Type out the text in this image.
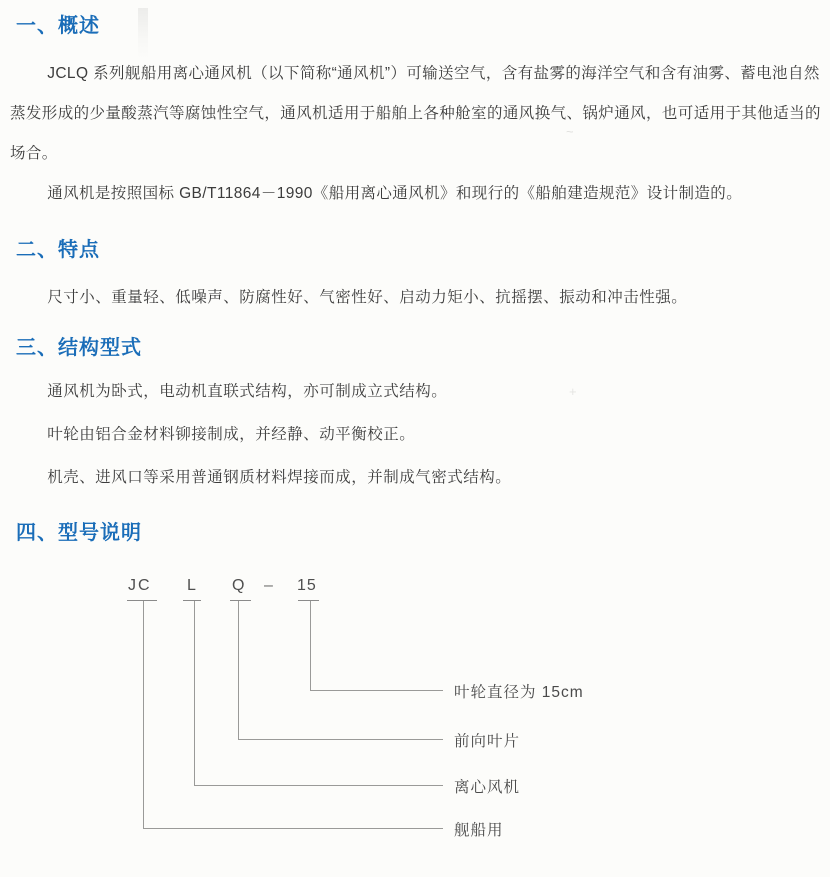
~
+
一、概述

JCLQ 系列舰船用离心通风机（以下简称“通风机”）可输送空气，含有盐雾的海洋空气和含有油雾、蓄电池自然蒸发形成的少量酸蒸汽等腐蚀性空气，通风机适用于船舶上各种舱室的通风换气、锅炉通风，也可适用于其他适当的场合。

通风机是按照国标 GB/T11864－1990《船用离心通风机》和现行的《船舶建造规范》设计制造的。

二、特点

尺寸小、重量轻、低噪声、防腐性好、气密性好、启动力矩小、抗摇摆、振动和冲击性强。

三、结构型式

通风机为卧式，电动机直联式结构，亦可制成立式结构。

叶轮由铝合金材料铆接制成，并经静、动平衡校正。

机壳、进风口等采用普通钢质材料焊接而成，并制成气密式结构。

四、型号说明
JC L Q – 15
叶轮直径为 15cm
前向叶片
离心风机
舰船用
